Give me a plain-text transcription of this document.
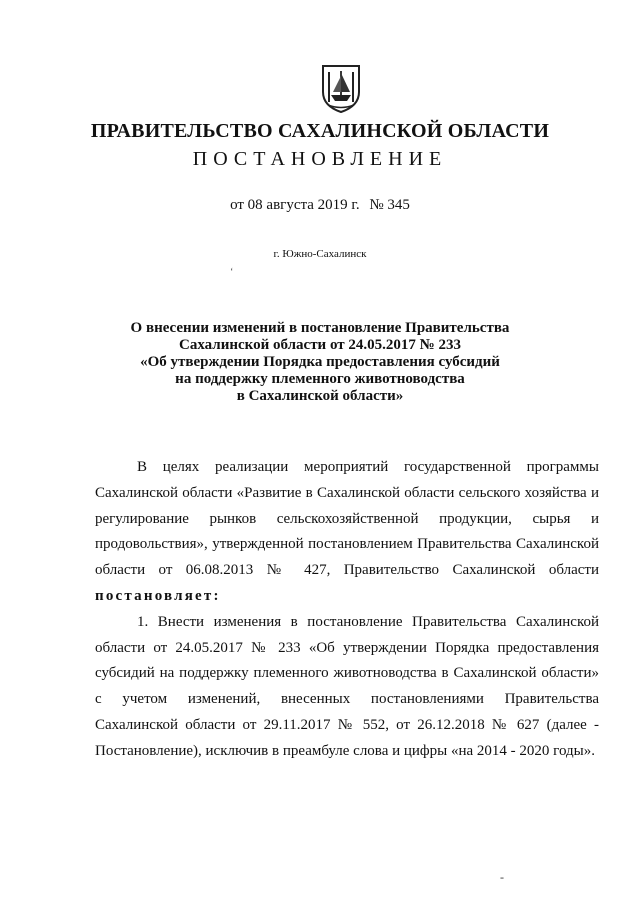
ПРАВИТЕЛЬСТВО САХАЛИНСКОЙ ОБЛАСТИ
ПОСТАНОВЛЕНИЕ
от 08 августа 2019 г. № 345
г. Южно-Сахалинск
‘
О внесении изменений в постановление Правительства
Сахалинской области от 24.05.2017 № 233
«Об утверждении Порядка предоставления субсидий
на поддержку племенного животноводства
в Сахалинской области»

В целях реализации мероприятий государственной программы Сахалинской области «Развитие в Сахалинской области сельского хозяйства и регулирование рынков сельскохозяйственной продукции, сырья и продовольствия», утвержденной постановлением Правительства Сахалинской области от 06.08.2013 № 427, Правительство Сахалинской области постановляет:

1. Внести изменения в постановление Правительства Сахалинской области от 24.05.2017 № 233 «Об утверждении Порядка предоставления субсидий на поддержку племенного животноводства в Сахалинской области» с учетом изменений, внесенных постановлениями Правительства Сахалинской области от 29.11.2017 № 552, от 26.12.2018 № 627 (далее - Постановление), исключив в преамбуле слова и цифры «на 2014 - 2020 годы».

-
